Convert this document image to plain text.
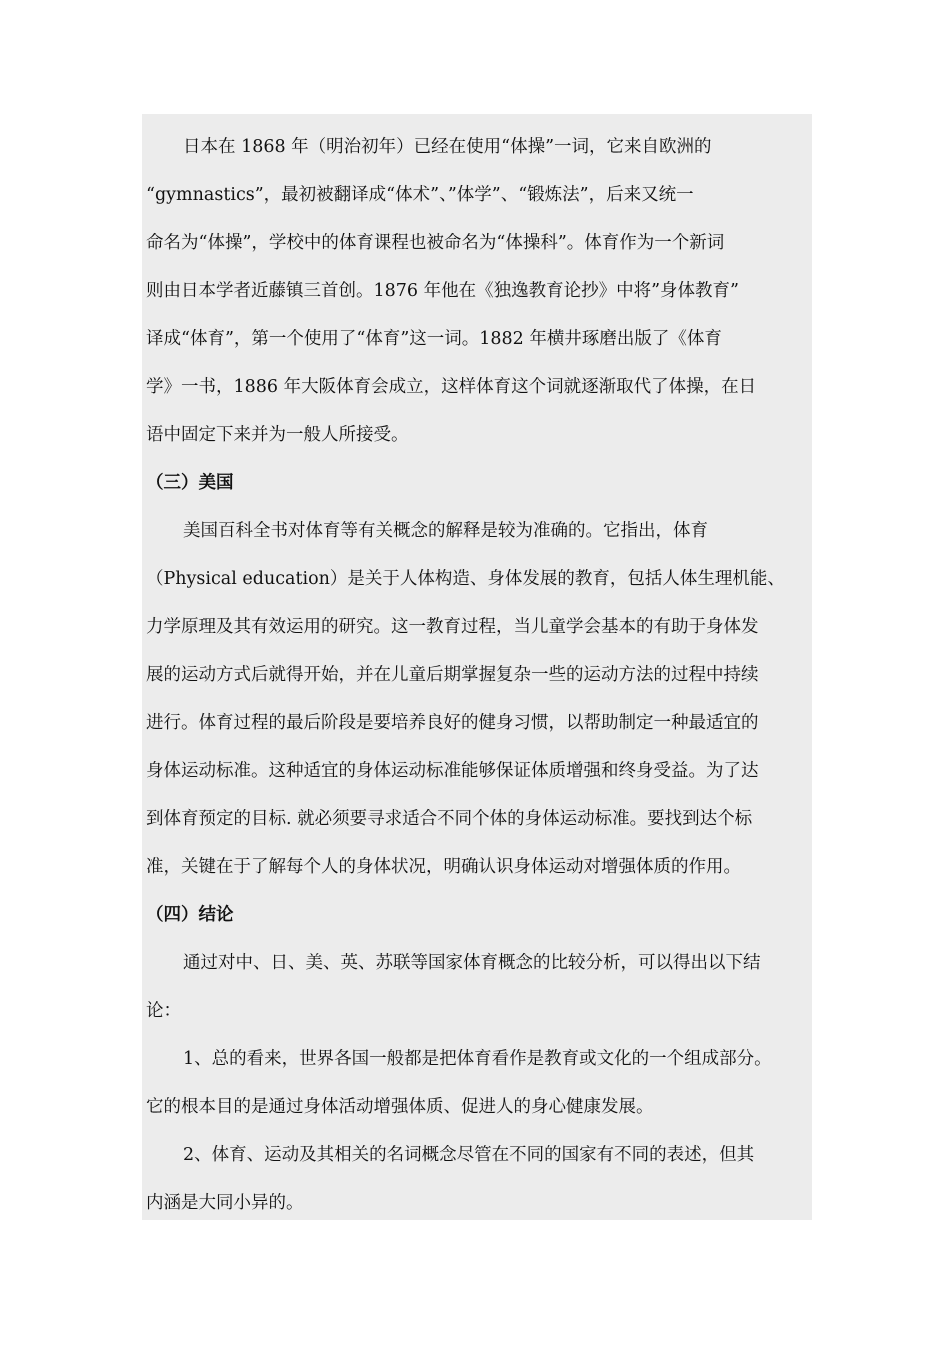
日本在 1868 年（明治初年）已经在使用“体操”一词，它来自欧洲的
“gymnastics”，最初被翻译成“体术”、”体学”、“锻炼法”，后来又统一
命名为“体操”，学校中的体育课程也被命名为“体操科”。体育作为一个新词
则由日本学者近藤镇三首创。1876 年他在《独逸教育论抄》中将”身体教育”
译成“体育”，第一个使用了“体育”这一词。1882 年横井琢磨出版了《体育
学》一书，1886 年大阪体育会成立，这样体育这个词就逐渐取代了体操，在日
语中固定下来并为一般人所接受。
（三）美国
美国百科全书对体育等有关概念的解释是较为准确的。它指出，体育
（Physical education）是关于人体构造、身体发展的教育，包括人体生理机能、
力学原理及其有效运用的研究。这一教育过程，当儿童学会基本的有助于身体发
展的运动方式后就得开始，并在儿童后期掌握复杂一些的运动方法的过程中持续
进行。体育过程的最后阶段是要培养良好的健身习惯，以帮助制定一种最适宜的
身体运动标准。这种适宜的身体运动标准能够保证体质增强和终身受益。为了达
到体育预定的目标. 就必须要寻求适合不同个体的身体运动标准。要找到达个标
准，关键在于了解每个人的身体状况，明确认识身体运动对增强体质的作用。
（四）结论
通过对中、日、美、英、苏联等国家体育概念的比较分析，可以得出以下结
论：
1、总的看来，世界各国一般都是把体育看作是教育或文化的一个组成部分。
它的根本目的是通过身体活动增强体质、促进人的身心健康发展。
2、体育、运动及其相关的名词概念尽管在不同的国家有不同的表述，但其
内涵是大同小异的。
